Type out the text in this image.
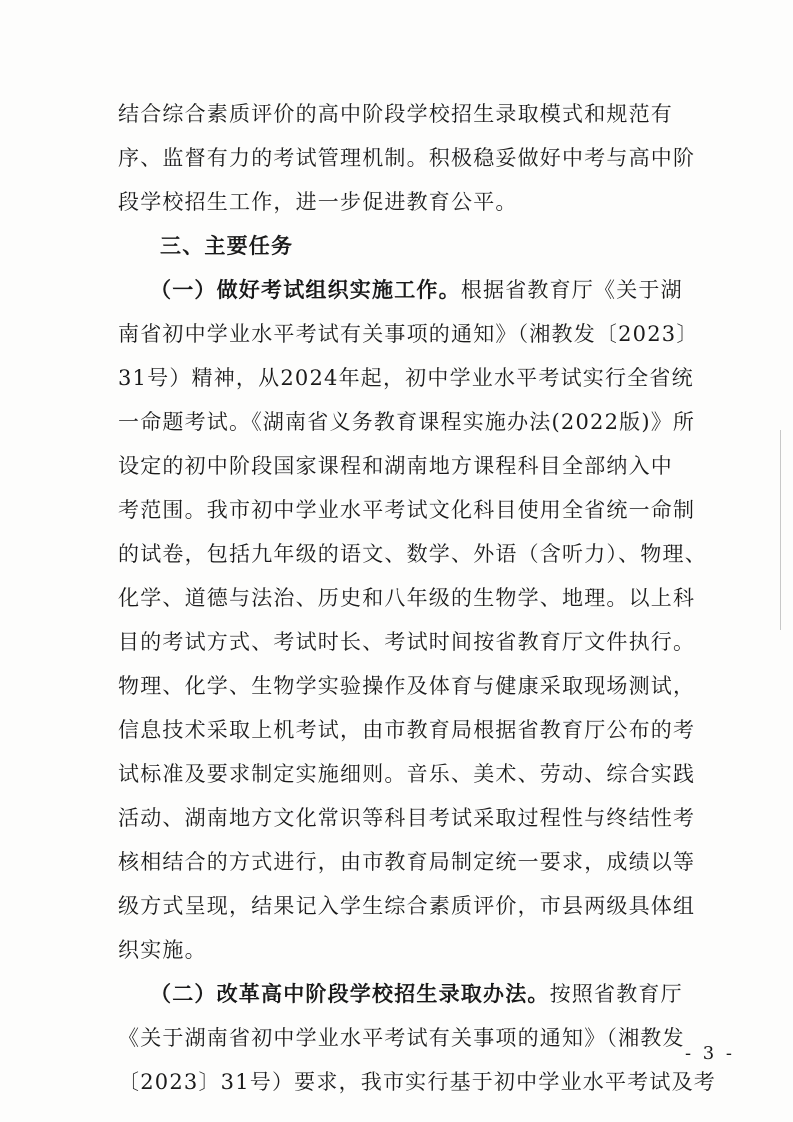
结合综合素质评价的高中阶段学校招生录取模式和规范有
序、监督有力的考试管理机制。积极稳妥做好中考与高中阶
段学校招生工作，进一步促进教育公平。
三、主要任务
（一）做好考试组织实施工作。根据省教育厅《关于湖
南省初中学业水平考试有关事项的通知》（湘教发〔2023〕
31号）精神，从2024年起，初中学业水平考试实行全省统
一命题考试。《湖南省义务教育课程实施办法(2022版)》所
设定的初中阶段国家课程和湖南地方课程科目全部纳入中
考范围。我市初中学业水平考试文化科目使用全省统一命制
的试卷，包括九年级的语文、数学、外语（含听力）、物理、
化学、道德与法治、历史和八年级的生物学、地理。以上科
目的考试方式、考试时长、考试时间按省教育厅文件执行。
物理、化学、生物学实验操作及体育与健康采取现场测试，
信息技术采取上机考试，由市教育局根据省教育厅公布的考
试标准及要求制定实施细则。音乐、美术、劳动、综合实践
活动、湖南地方文化常识等科目考试采取过程性与终结性考
核相结合的方式进行，由市教育局制定统一要求，成绩以等
级方式呈现，结果记入学生综合素质评价，市县两级具体组
织实施。
（二）改革高中阶段学校招生录取办法。按照省教育厅
《关于湖南省初中学业水平考试有关事项的通知》（湘教发
〔2023〕31号）要求，我市实行基于初中学业水平考试及考
- 3 -
